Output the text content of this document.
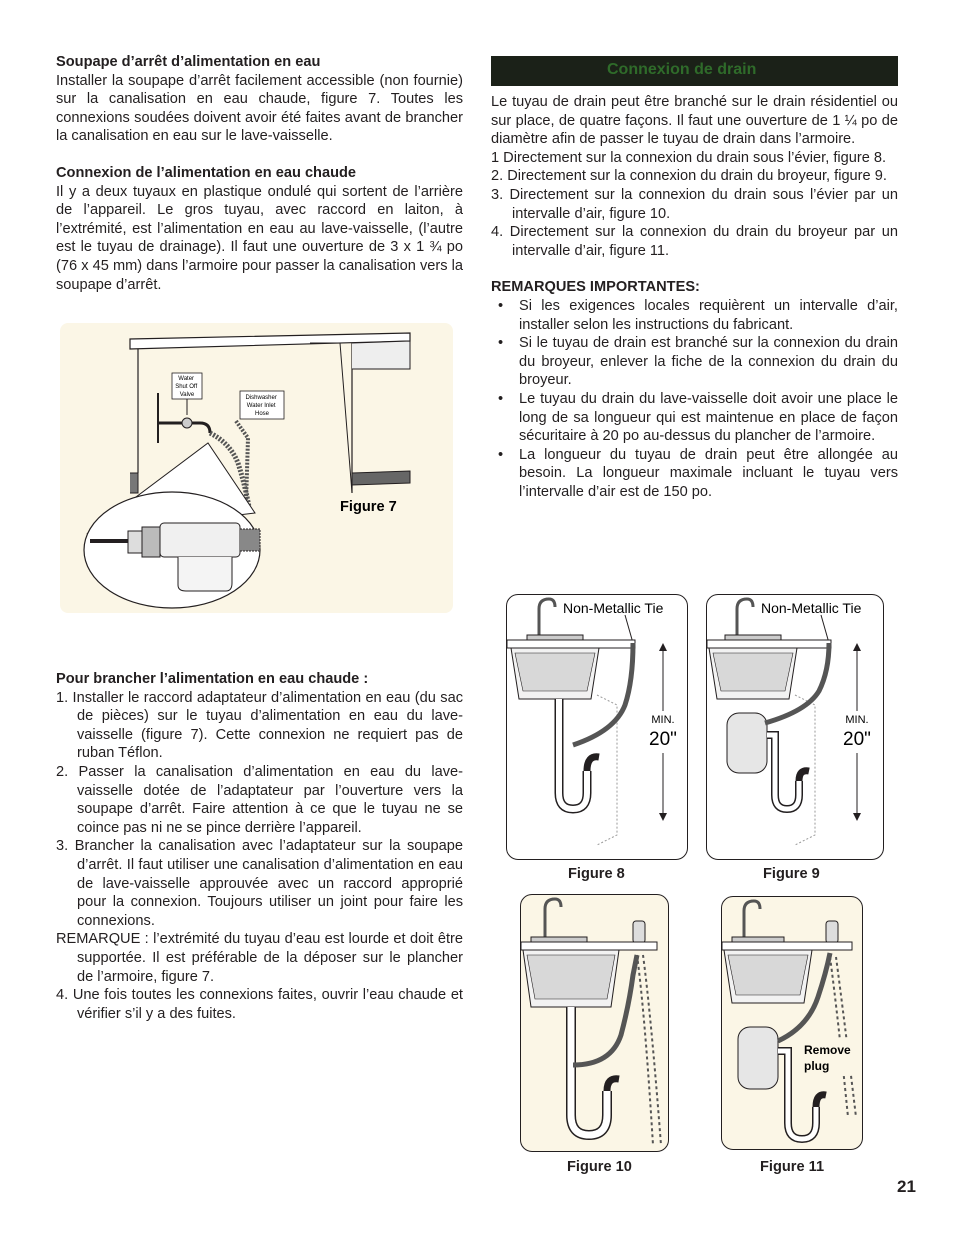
Soupape d’arrêt d’alimentation en eau

Installer la soupape d’arrêt facilement accessible (non fournie) sur la canalisation en eau chaude, figure 7. Toutes les connexions soudées doivent avoir été faites avant de brancher la canalisation en eau sur le lave-vaisselle.

Connexion de l’alimentation en eau chaude

Il y a deux tuyaux en plastique ondulé qui sortent de l’arrière de l’appareil. Le gros tuyau, avec raccord en laiton, à l’extrémité, est l’alimentation en eau au lave-vaisselle, (l’autre est le tuyau de drainage). Il faut une ouverture de 3 x 1 ¾ po (76 x 45 mm) dans l’armoire pour passer la canalisation vers la soupape d’arrêt.

Water Shut Off Valve	Dishwasher Water Inlet Hose
Figure 7

Pour brancher l’alimentation en eau chaude :

1. Installer le raccord adaptateur d’alimentation en eau (du sac de pièces) sur le tuyau d’alimentation en eau du lave-vaisselle (figure 7). Cette connexion ne requiert pas de ruban Téflon.

2. Passer la canalisation d’alimentation en eau du lave-vaisselle dotée de l’adaptateur par l’ouverture vers la soupape d’arrêt. Faire attention à ce que le tuyau ne se coince pas ni ne se pince derrière l’appareil.

3. Brancher la canalisation avec l’adaptateur sur la soupape d’arrêt. Il faut utiliser une canalisation d’alimentation en eau de lave-vaisselle approuvée avec un raccord approprié pour la connexion. Toujours utiliser un joint pour faire les connexions.

REMARQUE : l’extrémité du tuyau d’eau est lourde et doit être supportée. Il est préférable de la déposer sur le plancher de l’armoire, figure 7.

4. Une fois toutes les connexions faites, ouvrir l’eau chaude et vérifier s’il y a des fuites.

Connexion de drain

Le tuyau de drain peut être branché sur le drain résidentiel ou sur place, de quatre façons. Il faut une ouverture de 1 ¼ po de diamètre afin de passer le tuyau de drain dans l’armoire.

1 Directement sur la connexion du drain sous l’évier, figure 8.

2. Directement sur la connexion du drain du broyeur, figure 9.

3. Directement sur la connexion du drain sous l’évier par un intervalle d’air, figure 10.

4. Directement sur la connexion du drain du broyeur par un intervalle d’air, figure 11.

REMARQUES IMPORTANTES:

• Si les exigences locales requièrent un intervalle d’air, installer selon les instructions du fabricant.
• Si le tuyau de drain est branché sur la connexion du drain du broyeur, enlever la fiche de la connexion du drain du broyeur.
• Le tuyau du drain du lave-vaisselle doit avoir une place le long de sa longueur qui est maintenue en place de façon sécuritaire à 20 po au-dessus du plancher de l’armoire.
• La longueur du tuyau de drain peut être allongée au besoin. La longueur maximale incluant le tuyau vers l’intervalle d’air est de 150 po.
Non-Metallic Tie
MIN.
20"
Figure 8
Non-Metallic Tie
MIN.
20"
Figure 9
Figure 10
Remove plug
Figure 11
21
